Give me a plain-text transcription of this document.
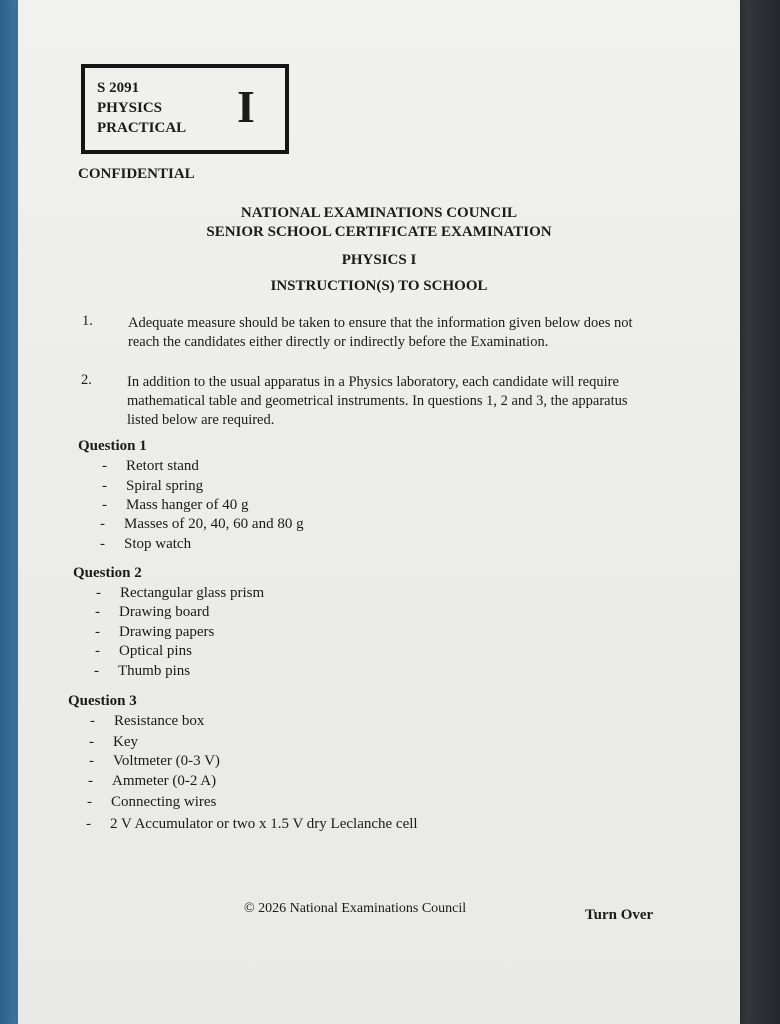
S 2091
PHYSICS
PRACTICAL I
CONFIDENTIAL
NATIONAL EXAMINATIONS COUNCIL
SENIOR SCHOOL CERTIFICATE EXAMINATION
PHYSICS I
INSTRUCTION(S) TO SCHOOL
1. Adequate measure should be taken to ensure that the information given below does not
reach the candidates either directly or indirectly before the Examination.
2. In addition to the usual apparatus in a Physics laboratory, each candidate will require
mathematical table and geometrical instruments. In questions 1, 2 and 3, the apparatus
listed below are required.
Question 1
- Retort stand
- Spiral spring
- Mass hanger of 40 g
- Masses of 20, 40, 60 and 80 g
- Stop watch
Question 2
- Rectangular glass prism
- Drawing board
- Drawing papers
- Optical pins
- Thumb pins
Question 3
- Resistance box
- Key
- Voltmeter (0-3 V)
- Ammeter (0-2 A)
- Connecting wires
- 2 V Accumulator or two x 1.5 V dry Leclanche cell
© 2026 National Examinations Council	Turn Over
